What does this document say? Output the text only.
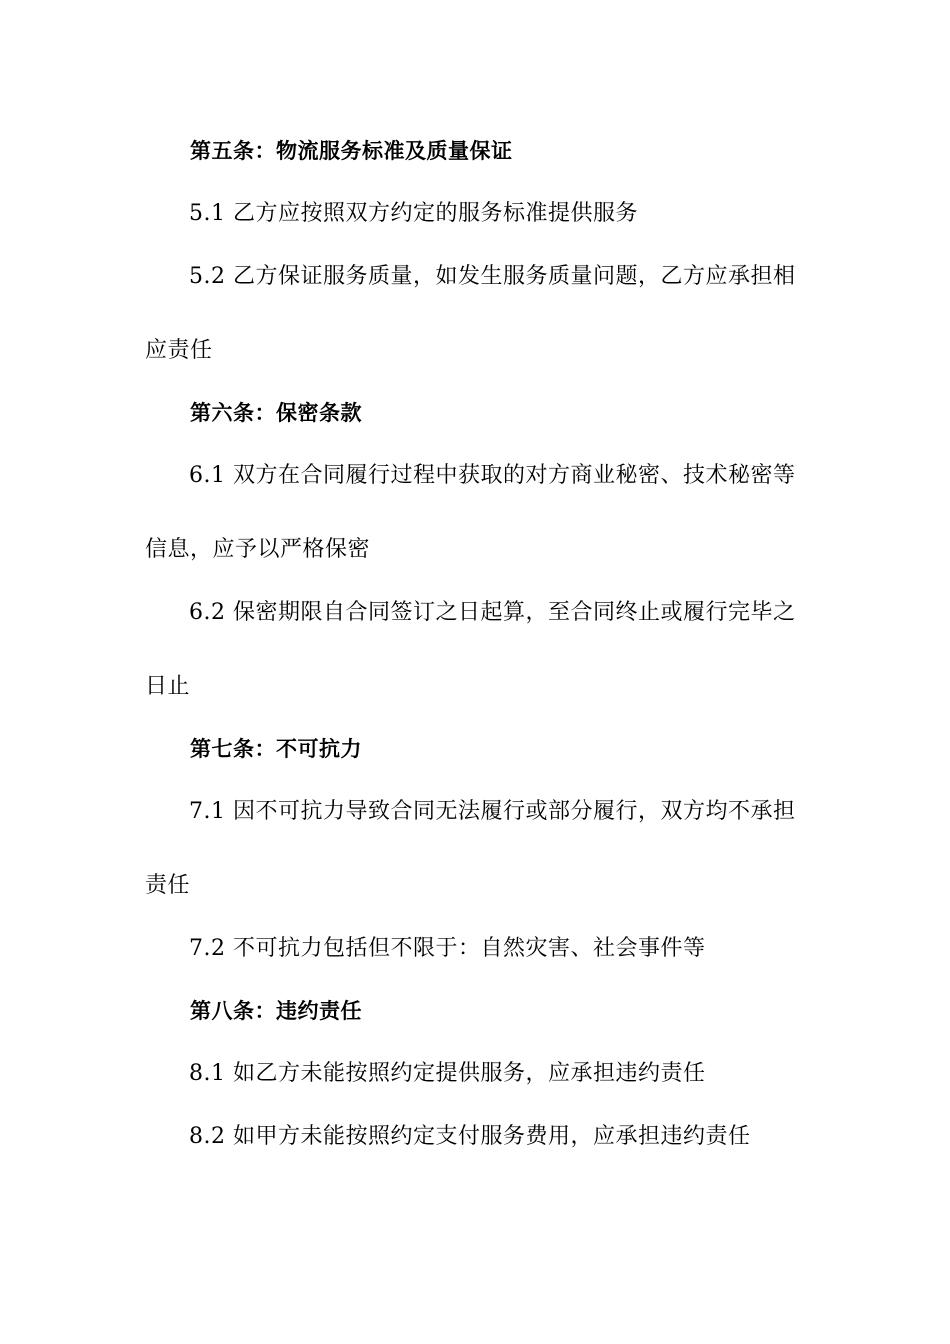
第五条：物流服务标准及质量保证
5.1 乙方应按照双方约定的服务标准提供服务
5.2 乙方保证服务质量，如发生服务质量问题，乙方应承担相
应责任
第六条：保密条款
6.1 双方在合同履行过程中获取的对方商业秘密、技术秘密等
信息，应予以严格保密
6.2 保密期限自合同签订之日起算，至合同终止或履行完毕之
日止
第七条：不可抗力
7.1 因不可抗力导致合同无法履行或部分履行，双方均不承担
责任
7.2 不可抗力包括但不限于：自然灾害、社会事件等
第八条：违约责任
8.1 如乙方未能按照约定提供服务，应承担违约责任
8.2 如甲方未能按照约定支付服务费用，应承担违约责任
